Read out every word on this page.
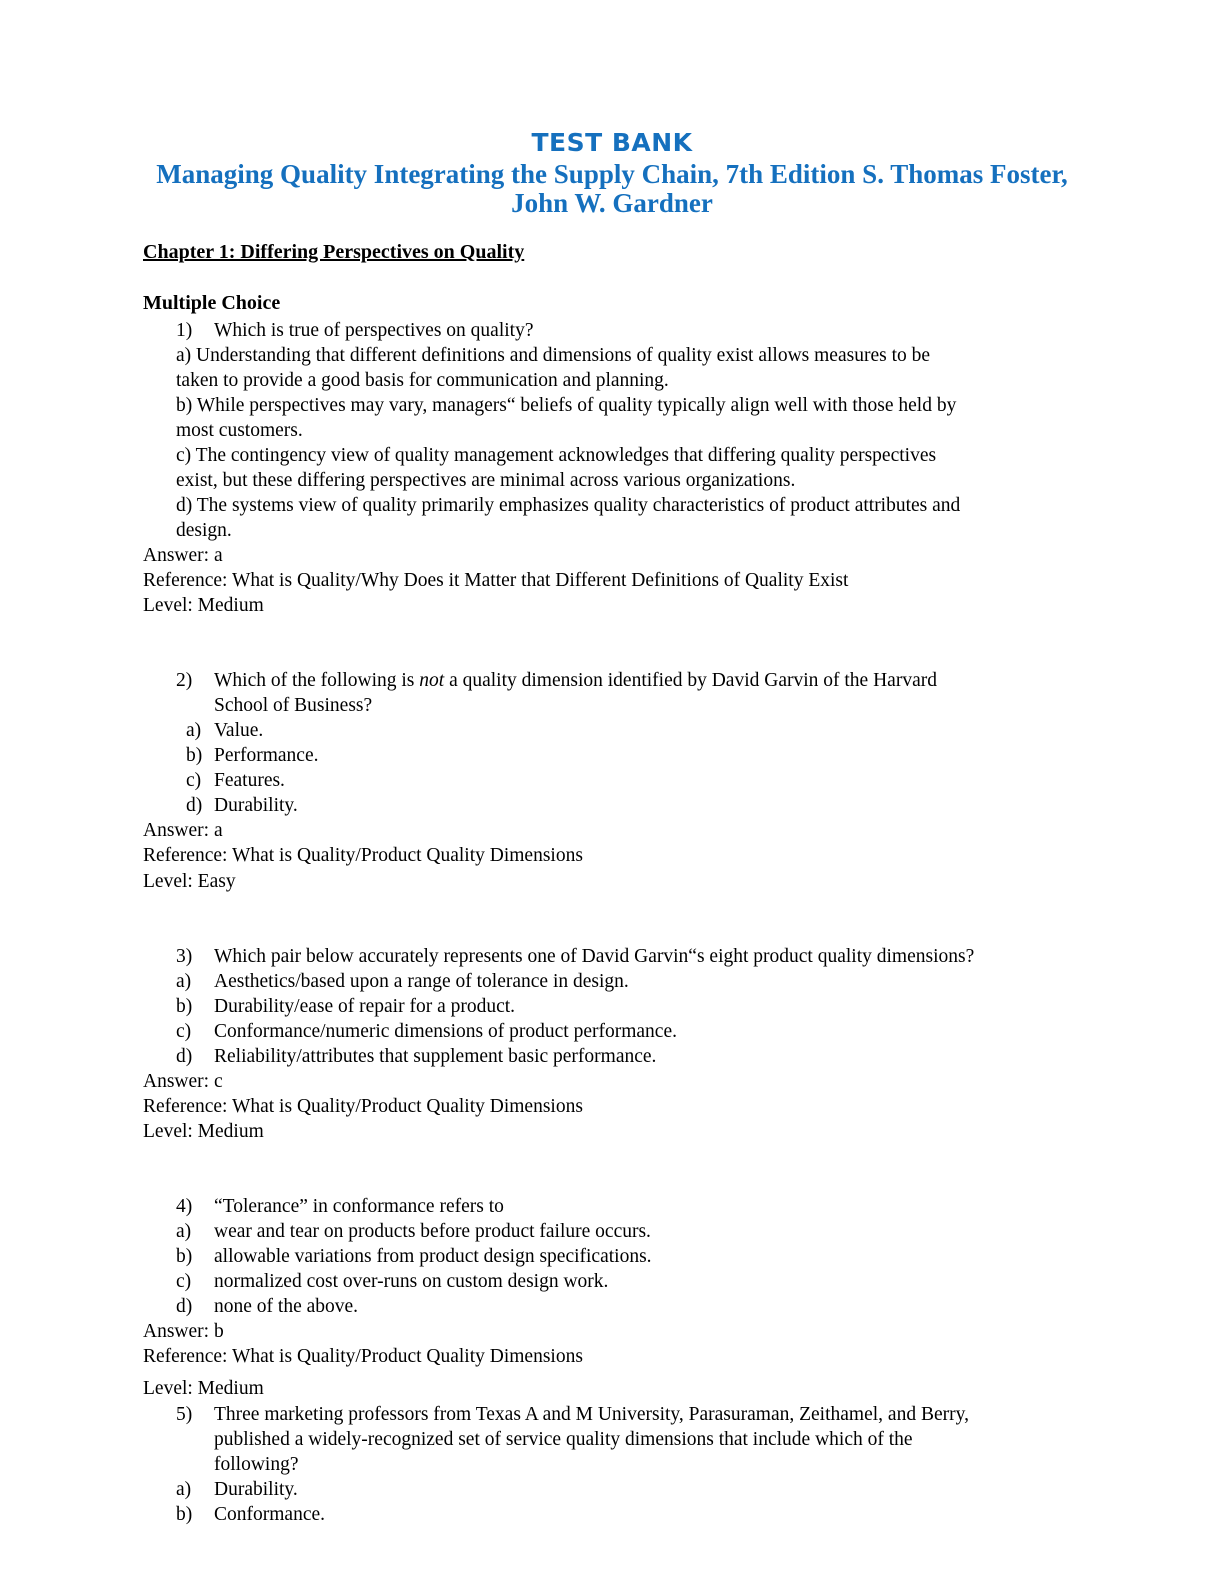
TEST BANK
Managing Quality Integrating the Supply Chain, 7th Edition S. Thomas Foster,
John W. Gardner
Chapter 1: Differing Perspectives on Quality
Multiple Choice
1) Which is true of perspectives on quality?
a) Understanding that different definitions and dimensions of quality exist allows measures to be
taken to provide a good basis for communication and planning.
b) While perspectives may vary, managers“ beliefs of quality typically align well with those held by
most customers.
c) The contingency view of quality management acknowledges that differing quality perspectives
exist, but these differing perspectives are minimal across various organizations.
d) The systems view of quality primarily emphasizes quality characteristics of product attributes and
design.
Answer: a
Reference: What is Quality/Why Does it Matter that Different Definitions of Quality Exist
Level: Medium
2) Which of the following is not a quality dimension identified by David Garvin of the Harvard
School of Business?
a) Value.
b) Performance.
c) Features.
d) Durability.
Answer: a
Reference: What is Quality/Product Quality Dimensions
Level: Easy
3) Which pair below accurately represents one of David Garvin“s eight product quality dimensions?
a) Aesthetics/based upon a range of tolerance in design.
b) Durability/ease of repair for a product.
c) Conformance/numeric dimensions of product performance.
d) Reliability/attributes that supplement basic performance.
Answer: c
Reference: What is Quality/Product Quality Dimensions
Level: Medium
4) “Tolerance” in conformance refers to
a) wear and tear on products before product failure occurs.
b) allowable variations from product design specifications.
c) normalized cost over-runs on custom design work.
d) none of the above.
Answer: b
Reference: What is Quality/Product Quality Dimensions
Level: Medium
5) Three marketing professors from Texas A and M University, Parasuraman, Zeithamel, and Berry,
published a widely-recognized set of service quality dimensions that include which of the
following?
a) Durability.
b) Conformance.
